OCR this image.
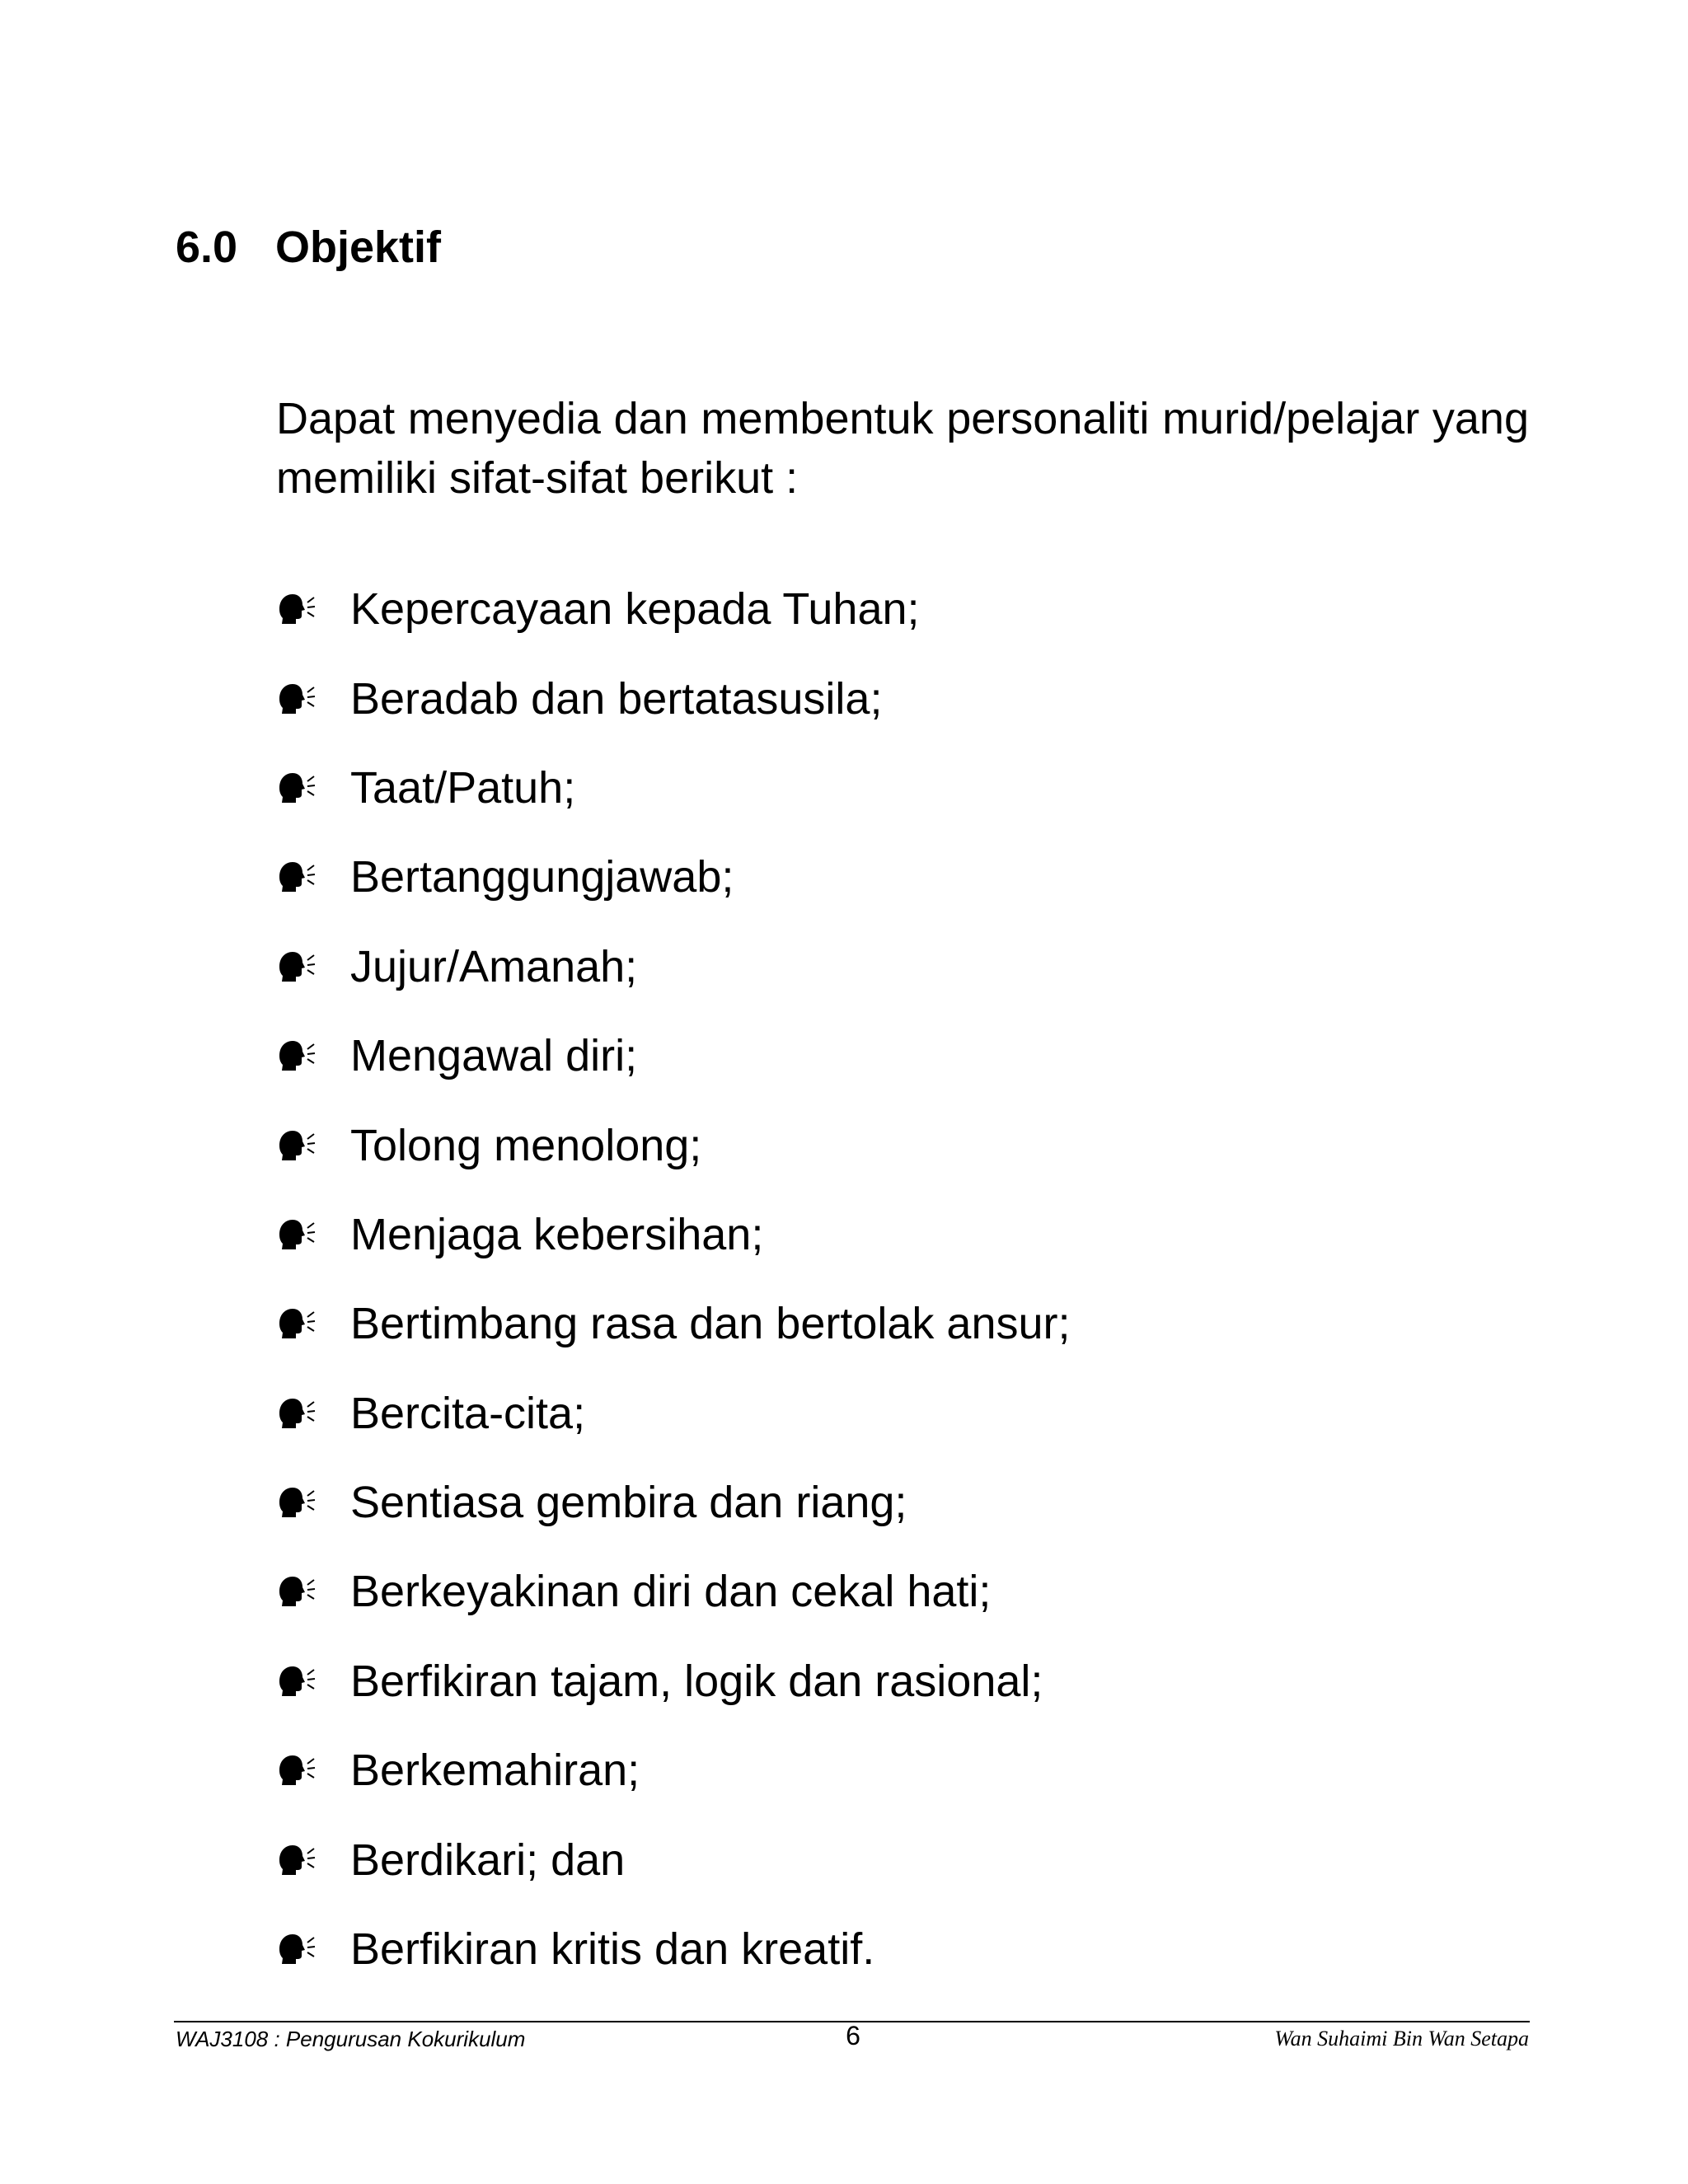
6.0 Objektif
Dapat menyedia dan membentuk personaliti murid/pelajar yang
memiliki sifat-sifat berikut :
Kepercayaan kepada Tuhan;
Beradab dan bertatasusila;
Taat/Patuh;
Bertanggungjawab;
Jujur/Amanah;
Mengawal diri;
Tolong menolong;
Menjaga kebersihan;
Bertimbang rasa dan bertolak ansur;
Bercita-cita;
Sentiasa gembira dan riang;
Berkeyakinan diri dan cekal hati;
Berfikiran tajam, logik dan rasional;
Berkemahiran;
Berdikari; dan
Berfikiran kritis dan kreatif.
WAJ3108 : Pengurusan Kokurikulum	6	Wan Suhaimi Bin Wan Setapa
